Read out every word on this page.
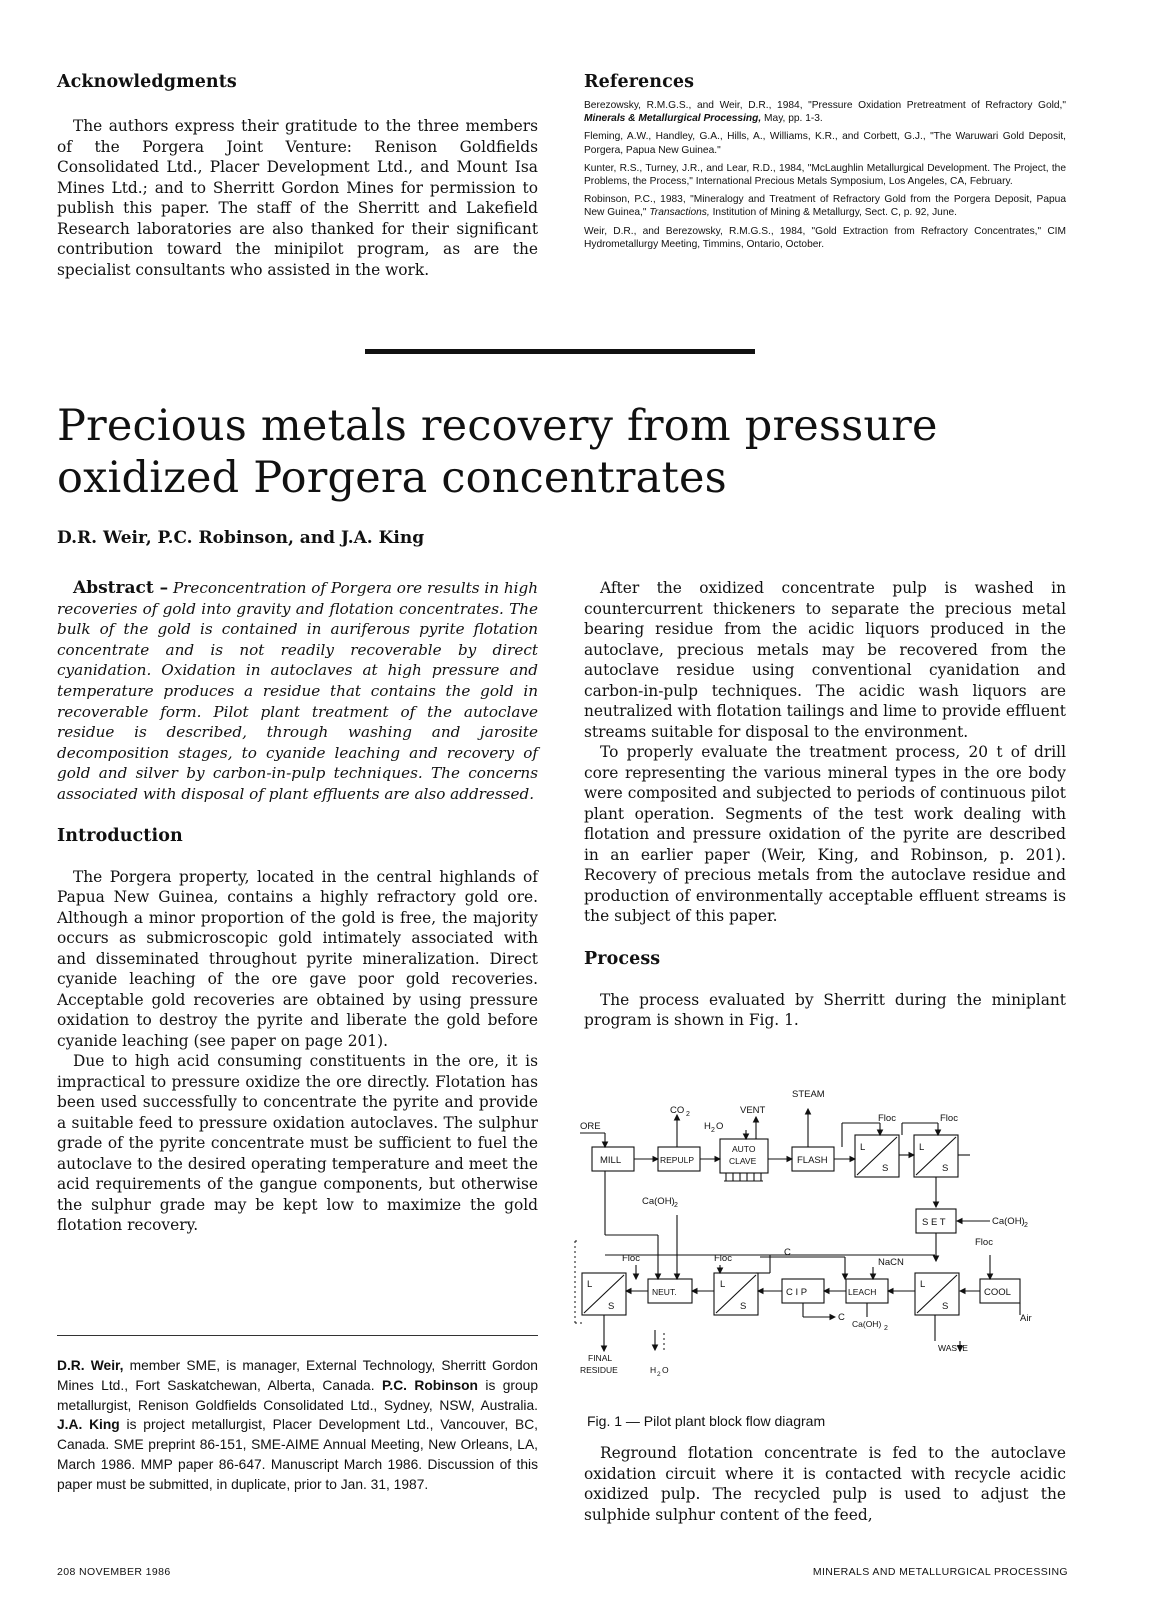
Acknowledgments

The authors express their gratitude to the three members of the Porgera Joint Venture: Renison Goldfields Consolidated Ltd., Placer Development Ltd., and Mount Isa Mines Ltd.; and to Sherritt Gordon Mines for permission to publish this paper. The staff of the Sherritt and Lakefield Research laboratories are also thanked for their significant contribution toward the minipilot program, as are the specialist consultants who assisted in the work.

References

Berezowsky, R.M.G.S., and Weir, D.R., 1984, "Pressure Oxidation Pretreatment of Refractory Gold," Minerals & Metallurgical Processing, May, pp. 1-3.

Fleming, A.W., Handley, G.A., Hills, A., Williams, K.R., and Corbett, G.J., "The Waruwari Gold Deposit, Porgera, Papua New Guinea."

Kunter, R.S., Turney, J.R., and Lear, R.D., 1984, "McLaughlin Metallurgical Development. The Project, the Problems, the Process," International Precious Metals Symposium, Los Angeles, CA, February.

Robinson, P.C., 1983, "Mineralogy and Treatment of Refractory Gold from the Porgera Deposit, Papua New Guinea," Transactions, Institution of Mining & Metallurgy, Sect. C, p. 92, June.

Weir, D.R., and Berezowsky, R.M.G.S., 1984, "Gold Extraction from Refractory Concentrates," CIM Hydrometallurgy Meeting, Timmins, Ontario, October.

Precious metals recovery from pressure oxidized Porgera concentrates
D.R. Weir, P.C. Robinson, and J.A. King

Abstract – Preconcentration of Porgera ore results in high recoveries of gold into gravity and flotation concentrates. The bulk of the gold is contained in auriferous pyrite flotation concentrate and is not readily recoverable by direct cyanidation. Oxidation in autoclaves at high pressure and temperature produces a residue that contains the gold in recoverable form. Pilot plant treatment of the autoclave residue is described, through washing and jarosite decomposition stages, to cyanide leaching and recovery of gold and silver by carbon-in-pulp techniques. The concerns associated with disposal of plant effluents are also addressed.

Introduction

The Porgera property, located in the central highlands of Papua New Guinea, contains a highly refractory gold ore. Although a minor proportion of the gold is free, the majority occurs as submicroscopic gold intimately associated with and disseminated throughout pyrite mineralization. Direct cyanide leaching of the ore gave poor gold recoveries. Acceptable gold recoveries are obtained by using pressure oxidation to destroy the pyrite and liberate the gold before cyanide leaching (see paper on page 201).

Due to high acid consuming constituents in the ore, it is impractical to pressure oxidize the ore directly. Flotation has been used successfully to concentrate the pyrite and provide a suitable feed to pressure oxidation autoclaves. The sulphur grade of the pyrite concentrate must be sufficient to fuel the autoclave to the desired operating temperature and meet the acid requirements of the gangue components, but otherwise the sulphur grade may be kept low to maximize the gold flotation recovery.

D.R. Weir, member SME, is manager, External Technology, Sherritt Gordon Mines Ltd., Fort Saskatchewan, Alberta, Canada. P.C. Robinson is group metallurgist, Renison Goldfields Consolidated Ltd., Sydney, NSW, Australia. J.A. King is project metallurgist, Placer Development Ltd., Vancouver, BC, Canada. SME preprint 86-151, SME-AIME Annual Meeting, New Orleans, LA, March 1986. MMP paper 86-647. Manuscript March 1986. Discussion of this paper must be submitted, in duplicate, prior to Jan. 31, 1987.

After the oxidized concentrate pulp is washed in countercurrent thickeners to separate the precious metal bearing residue from the acidic liquors produced in the autoclave, precious metals may be recovered from the autoclave residue using conventional cyanidation and carbon-in-pulp techniques. The acidic wash liquors are neutralized with flotation tailings and lime to provide effluent streams suitable for disposal to the environment.

To properly evaluate the treatment process, 20 t of drill core representing the various mineral types in the ore body were composited and subjected to periods of continuous pilot plant operation. Segments of the test work dealing with flotation and pressure oxidation of the pyrite are described in an earlier paper (Weir, King, and Robinson, p. 201). Recovery of precious metals from the autoclave residue and production of environmentally acceptable effluent streams is the subject of this paper.

Process

The process evaluated by Sherritt during the miniplant program is shown in Fig. 1.

ORE
MILL	REPULP
AUTO
CLAVE	FLASH
CO 2
H 2 O
VENT
STEAM
Floc	Floc
L
S
L
S
Ca(OH) 2
S E T	Ca(OH) 2
Floc
Floc	Floc
C
NaCN
NEUT.	C I P	LEACH	COOL
Air
C
Ca(OH) 2
WASTE
FINAL
RESIDUE	H 2 O
L
S
L
S
L
S
Fig. 1 — Pilot plant block flow diagram

Reground flotation concentrate is fed to the autoclave oxidation circuit where it is contacted with recycle acidic oxidized pulp. The recycled pulp is used to adjust the sulphide sulphur content of the feed,

208 NOVEMBER 1986	MINERALS AND METALLURGICAL PROCESSING
